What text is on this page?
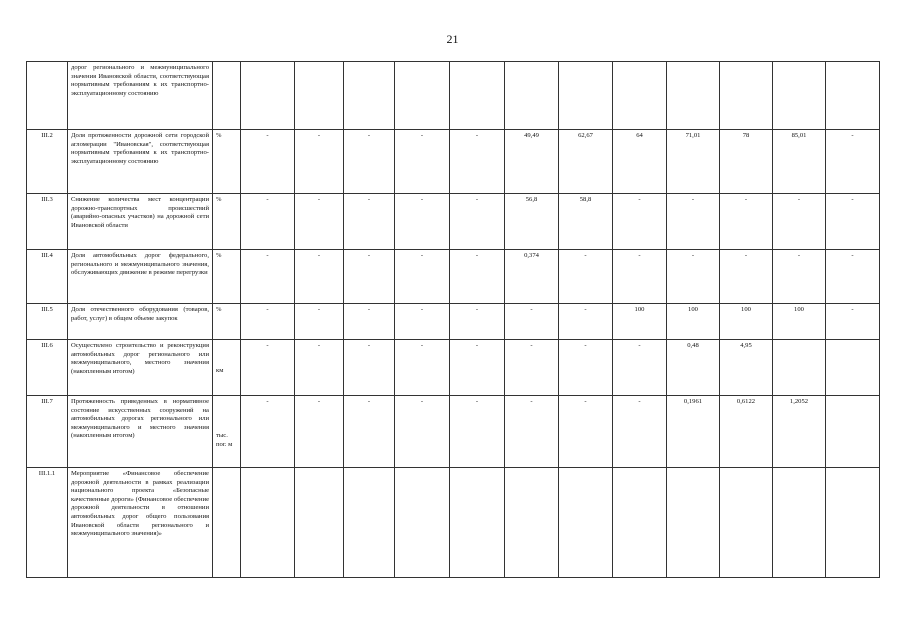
21
	дорог регионального и межмуниципального значения Ивановской области, соответствующая нормативным требованиям к их транспортно-эксплуатационному состоянию													
III.2	Доля протяженности дорожной сети городской агломерации "Ивановская", соответствующая нормативным требованиям к их транспортно-эксплуатационному состоянию	%	-	-	-	-	-	49,49	62,67	64	71,01	78	85,01	-
III.3	Снижение количества мест концентрации дорожно-транспортных происшествий (аварийно-опасных участков) на дорожной сети Ивановской области	%	-	-	-	-	-	56,8	58,8	-	-	-	-	-
III.4	Доля автомобильных дорог федерального, регионального и межмуниципального значения, обслуживающих движение в режиме перегрузки	%	-	-	-	-	-	0,374	-	-	-	-	-	-
III.5	Доля отечественного оборудования (товаров, работ, услуг) в общем объеме закупок	%	-	-	-	-	-	-	-	100	100	100	100	-
III.6	Осуществлено строительство и реконструкция автомобильных дорог регионального или межмуниципального, местного значения (накопленным итогом)	км	-	-	-	-	-	-	-	-	0,48	4,95		
III.7	Протяженность приведенных в нормативное состояние искусственных сооружений на автомобильных дорогах регионального или межмуниципального и местного значения (накопленным итогом)	тыс. пог. м	-	-	-	-	-	-	-	-	0,1961	0,6122	1,2052	
III.1.1	Мероприятие «Финансовое обеспечение дорожной деятельности в рамках реализации национального проекта «Безопасные качественные дороги» (Финансовое обеспечение дорожной деятельности в отношении автомобильных дорог общего пользования Ивановской области регионального и межмуниципального значения)»													
